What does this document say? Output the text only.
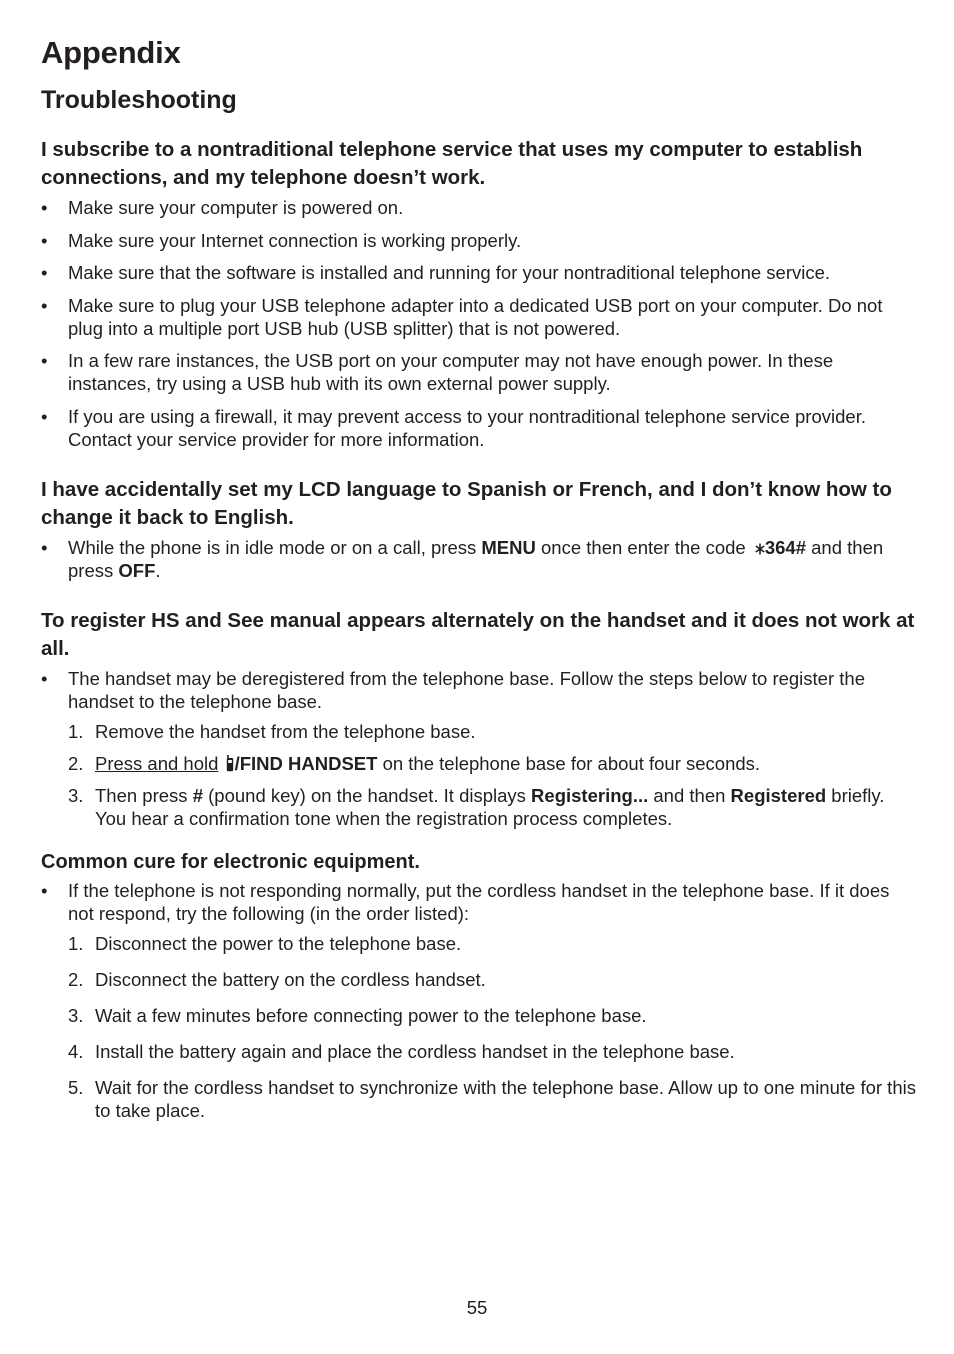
Appendix
Troubleshooting

I subscribe to a nontraditional telephone service that uses my computer to establish connections, and my telephone doesn’t work.

• Make sure your computer is powered on.
• Make sure your Internet connection is working properly.
• Make sure that the software is installed and running for your nontraditional telephone service.
• Make sure to plug your USB telephone adapter into a dedicated USB port on your computer. Do not plug into a multiple port USB hub (USB splitter) that is not powered.
• In a few rare instances, the USB port on your computer may not have enough power. In these instances, try using a USB hub with its own external power supply.
• If you are using a firewall, it may prevent access to your nontraditional telephone service provider. Contact your service provider for more information.

I have accidentally set my LCD language to Spanish or French, and I don’t know how to change it back to English.

• While the phone is in idle mode or on a call, press MENU once then enter the code 364# and then press OFF.

To register HS and See manual appears alternately on the handset and it does not work at all.

• The handset may be deregistered from the telephone base. Follow the steps below to register the handset to the telephone base.
1. Remove the handset from the telephone base.
2. Press and hold /FIND HANDSET on the telephone base for about four seconds.
3. Then press # (pound key) on the handset. It displays Registering... and then Registered briefly. You hear a confirmation tone when the registration process completes.

Common cure for electronic equipment.

• If the telephone is not responding normally, put the cordless handset in the telephone base. If it does not respond, try the following (in the order listed):
1. Disconnect the power to the telephone base.
2. Disconnect the battery on the cordless handset.
3. Wait a few minutes before connecting power to the telephone base.
4. Install the battery again and place the cordless handset in the telephone base.
5. Wait for the cordless handset to synchronize with the telephone base. Allow up to one minute for this to take place.
55
